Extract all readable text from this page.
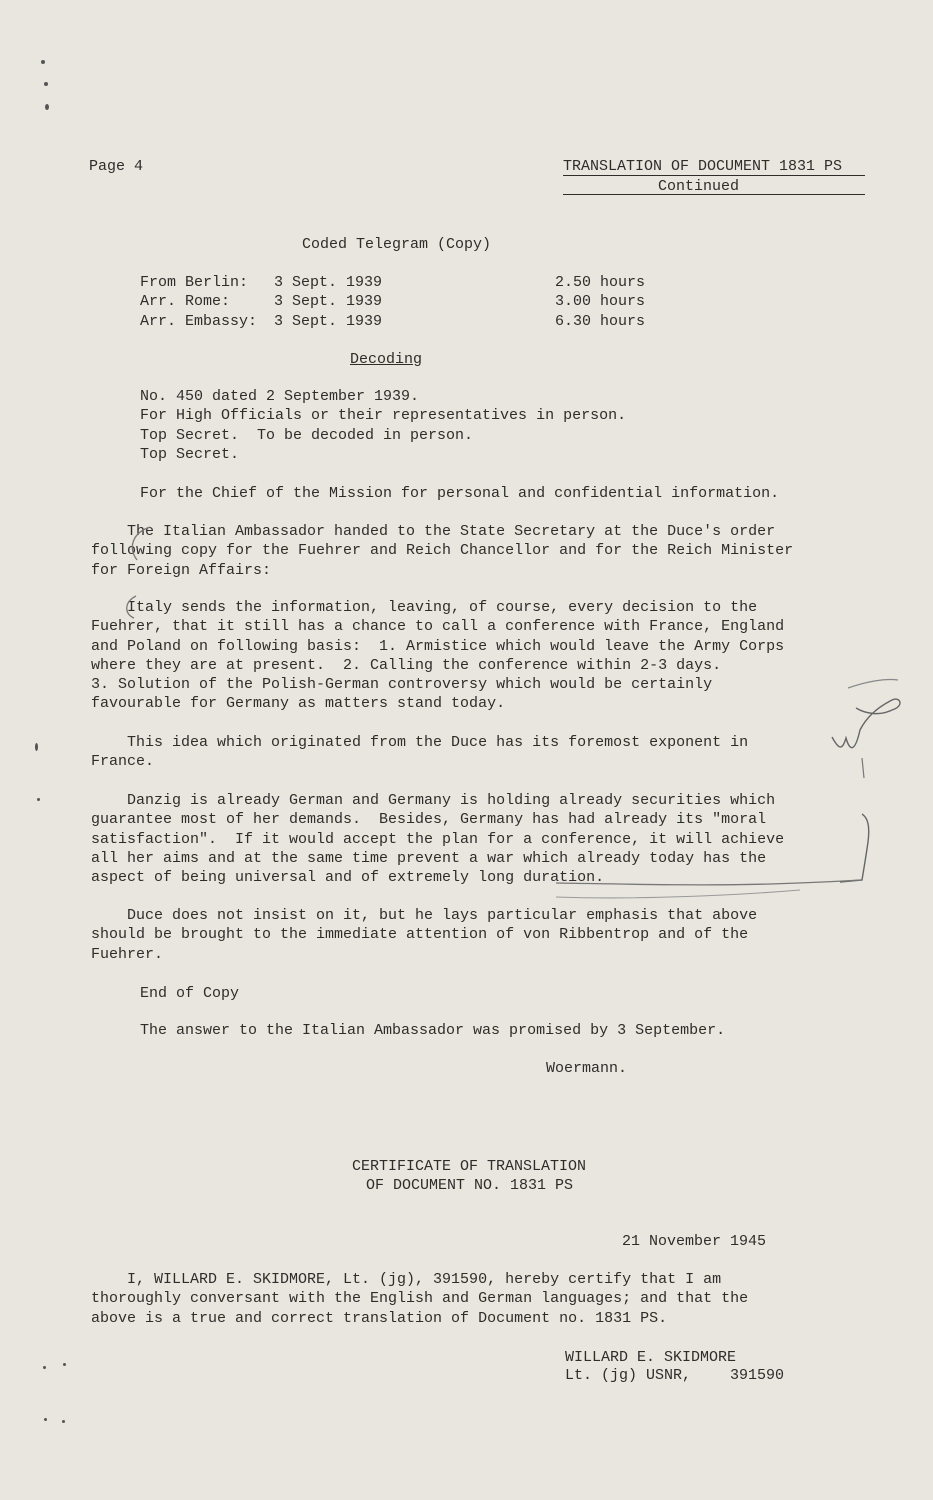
Page 4	TRANSLATION OF DOCUMENT 1831 PS
Continued
Coded Telegram (Copy)
From Berlin: 3 Sept. 1939	2.50 hours
Arr. Rome:	3 Sept. 1939	3.00 hours
Arr. Embassy: 3 Sept. 1939	6.30 hours
Decoding
No. 450 dated 2 September 1939.
For High Officials or their representatives in person.
Top Secret.  To be decoded in person.
Top Secret.
For the Chief of the Mission for personal and confidential information.
The Italian Ambassador handed to the State Secretary at the Duce's order
following copy for the Fuehrer and Reich Chancellor and for the Reich Minister
for Foreign Affairs:
Italy sends the information, leaving, of course, every decision to the
Fuehrer, that it still has a chance to call a conference with France, England
and Poland on following basis:  1. Armistice which would leave the Army Corps
where they are at present.  2. Calling the conference within 2-3 days.
3. Solution of the Polish-German controversy which would be certainly
favourable for Germany as matters stand today.
This idea which originated from the Duce has its foremost exponent in
France.
Danzig is already German and Germany is holding already securities which
guarantee most of her demands.  Besides, Germany has had already its "moral
satisfaction".  If it would accept the plan for a conference, it will achieve
all her aims and at the same time prevent a war which already today has the
aspect of being universal and of extremely long duration.
Duce does not insist on it, but he lays particular emphasis that above
should be brought to the immediate attention of von Ribbentrop and of the
Fuehrer.
End of Copy
The answer to the Italian Ambassador was promised by 3 September.
Woermann.
CERTIFICATE OF TRANSLATION
OF DOCUMENT NO. 1831 PS
21 November 1945
I, WILLARD E. SKIDMORE, Lt. (jg), 391590, hereby certify that I am
thoroughly conversant with the English and German languages; and that the
above is a true and correct translation of Document no. 1831 PS.
WILLARD E. SKIDMORE
Lt. (jg) USNR,	391590
